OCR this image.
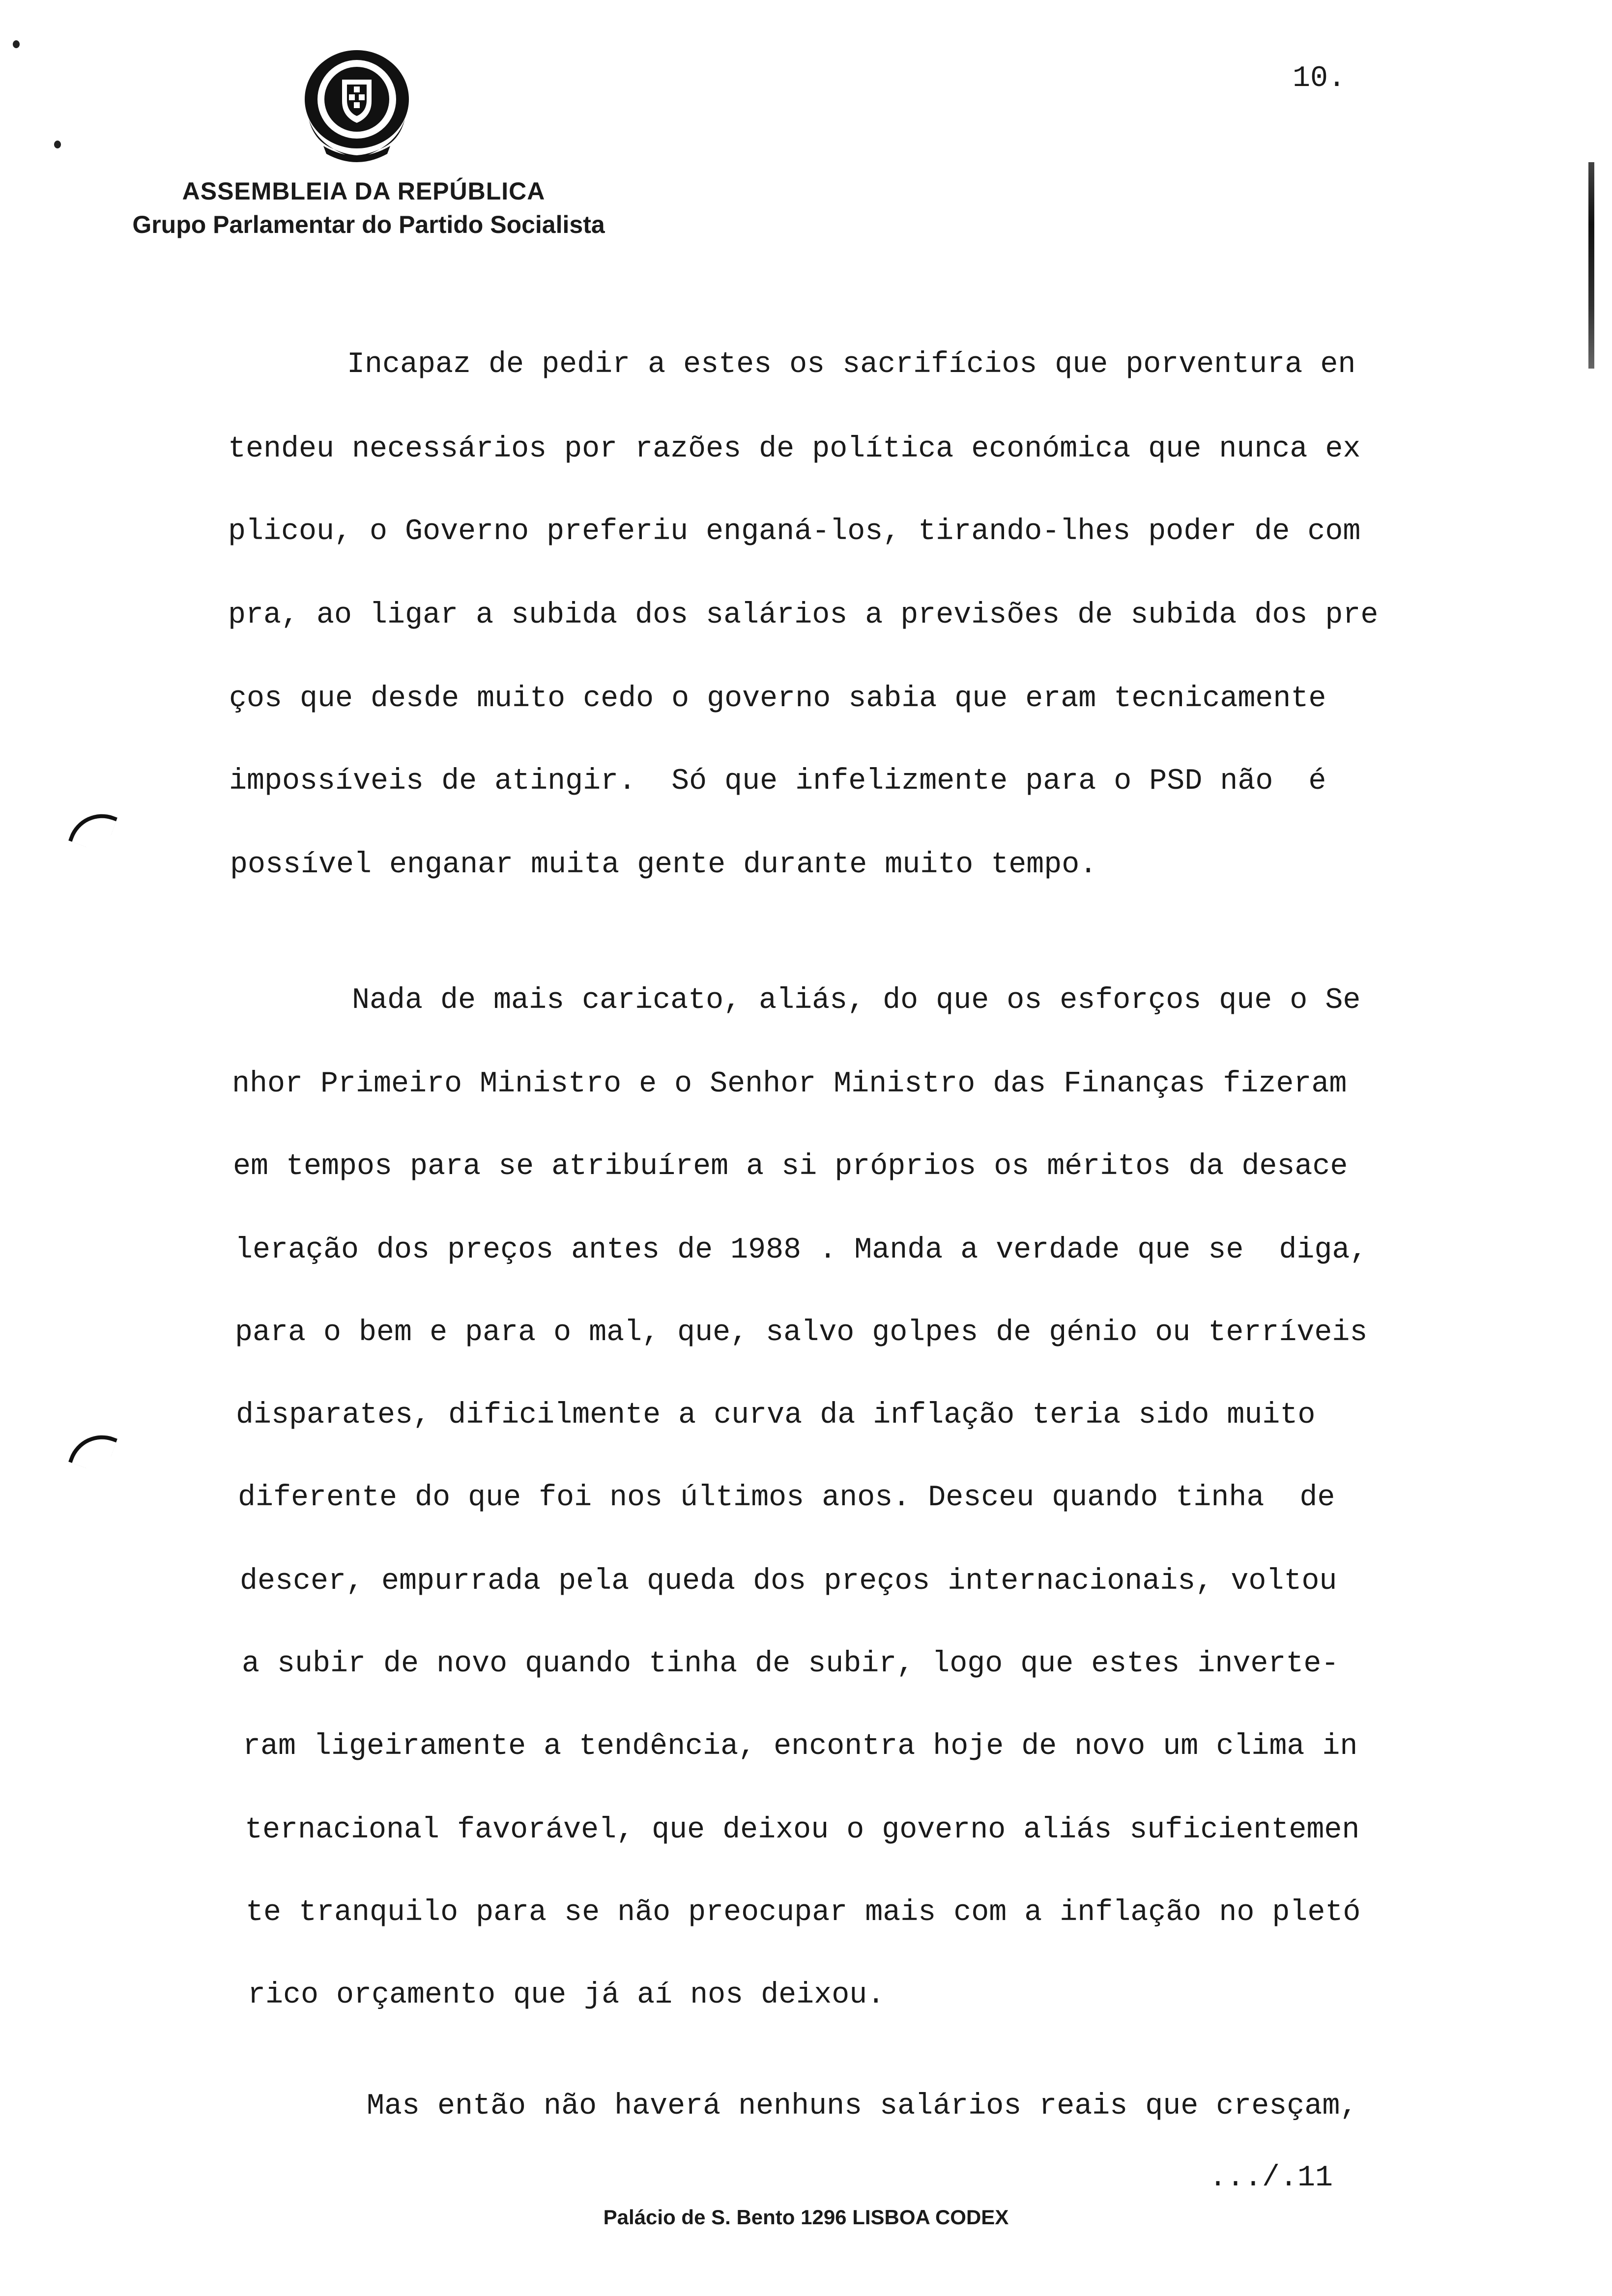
ASSEMBLEIA DA REPÚBLICA
Grupo Parlamentar do Partido Socialista
10.
Incapaz de pedir a estes os sacrifícios que porventura en
tendeu necessários por razões de política económica que nunca ex
plicou, o Governo preferiu enganá-los, tirando-lhes poder de com
pra, ao ligar a subida dos salários a previsões de subida dos pre
ços que desde muito cedo o governo sabia que eram tecnicamente
impossíveis de atingir.  Só que infelizmente para o PSD não  é
possível enganar muita gente durante muito tempo.
Nada de mais caricato, aliás, do que os esforços que o Se
nhor Primeiro Ministro e o Senhor Ministro das Finanças fizeram
em tempos para se atribuírem a si próprios os méritos da desace
leração dos preços antes de 1988 . Manda a verdade que se  diga,
para o bem e para o mal, que, salvo golpes de génio ou terríveis
disparates, dificilmente a curva da inflação teria sido muito
diferente do que foi nos últimos anos. Desceu quando tinha  de
descer, empurrada pela queda dos preços internacionais, voltou
a subir de novo quando tinha de subir, logo que estes inverte-
ram ligeiramente a tendência, encontra hoje de novo um clima in
ternacional favorável, que deixou o governo aliás suficientemen
te tranquilo para se não preocupar mais com a inflação no pletó
rico orçamento que já aí nos deixou.
Mas então não haverá nenhuns salários reais que cresçam,
.../.11
Palácio de S. Bento 1296 LISBOA CODEX
